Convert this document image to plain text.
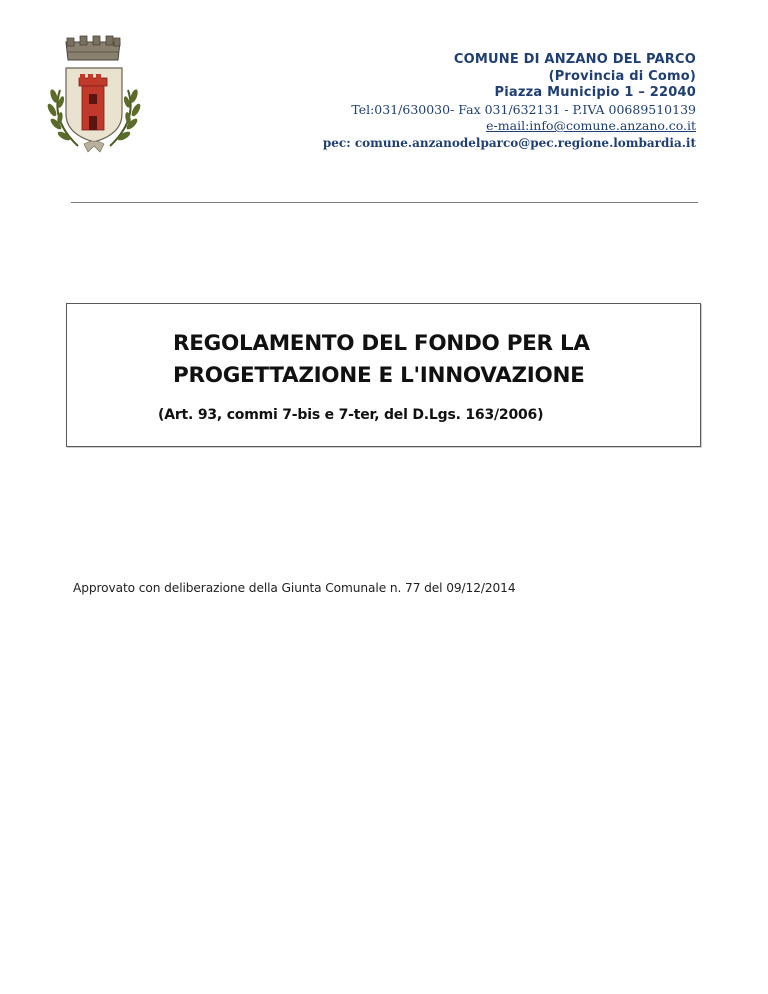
COMUNE DI ANZANO DEL PARCO
(Provincia di Como)
Piazza Municipio 1 – 22040
Tel:031/630030- Fax 031/632131 - P.IVA 00689510139
e-mail:info@comune.anzano.co.it
pec: comune.anzanodelparco@pec.regione.lombardia.it
REGOLAMENTO DEL FONDO PER LA
PROGETTAZIONE E L'INNOVAZIONE
(Art. 93, commi 7-bis e 7-ter, del D.Lgs. 163/2006)
Approvato con deliberazione della Giunta Comunale n. 77 del 09/12/2014
